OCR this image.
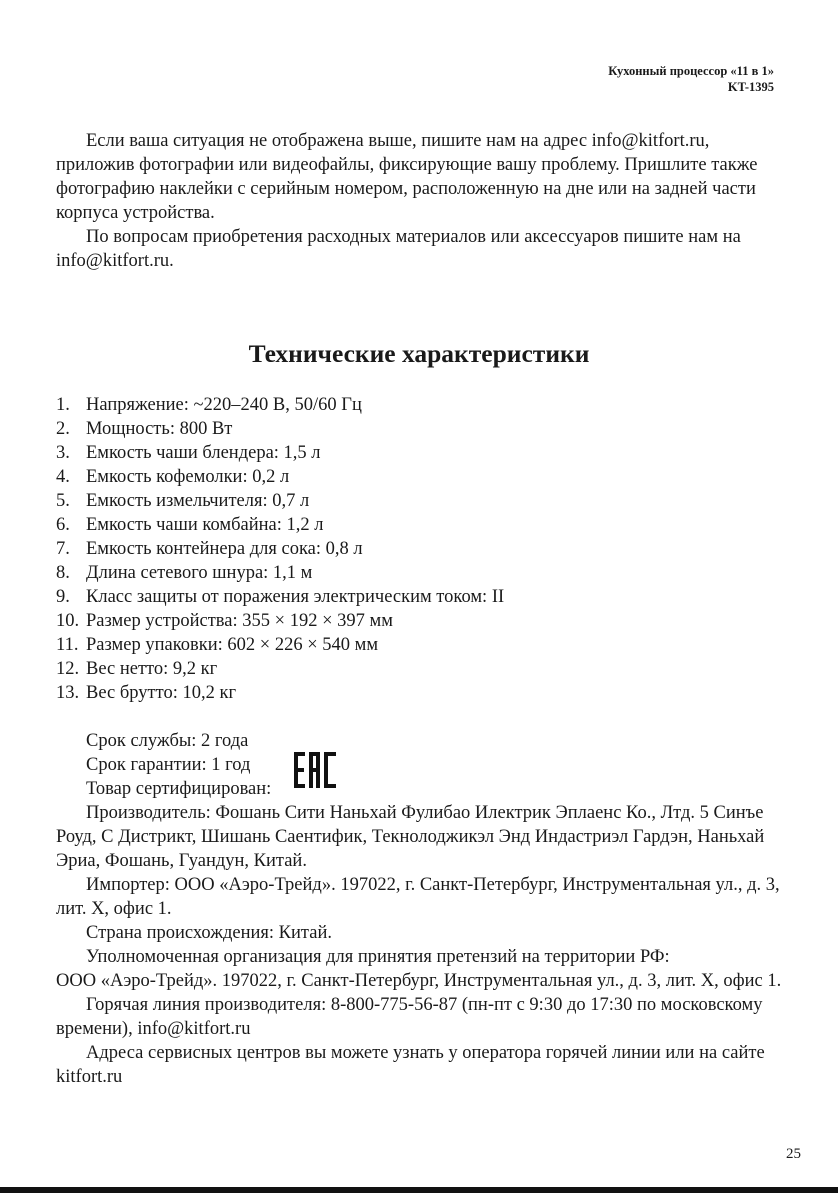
Кухонный процессор «11 в 1»
KT-1395

Если ваша ситуация не отображена выше, пишите нам на адрес info@kitfort.ru, приложив фотографии или видеофайлы, фиксирующие вашу проблему. Пришлите также фотографию наклейки с серийным номером, расположенную на дне или на задней части корпуса устройства.

По вопросам приобретения расходных материалов или аксессуаров пишите нам на info@kitfort.ru.

Технические характеристики
1. Напряжение: ~220–240 В, 50/60 Гц
2. Мощность: 800 Вт
3. Емкость чаши блендера: 1,5 л
4. Емкость кофемолки: 0,2 л
5. Емкость измельчителя: 0,7 л
6. Емкость чаши комбайна: 1,2 л
7. Емкость контейнера для сока: 0,8 л
8. Длина сетевого шнура: 1,1 м
9. Класс защиты от поражения электрическим током: II
10. Размер устройства: 355 × 192 × 397 мм
11. Размер упаковки: 602 × 226 × 540 мм
12. Вес нетто: 9,2 кг
13. Вес брутто: 10,2 кг

Срок службы: 2 года

Срок гарантии: 1 год

Товар сертифицирован:

Производитель: Фошань Сити Наньхай Фулибао Илектрик Эплаенс Ко., Лтд. 5 Синъе Роуд, С Дистрикт, Шишань Саентифик, Текнолоджикэл Энд Индастриэл Гардэн, Наньхай Эриа, Фошань, Гуандун, Китай.

Импортер: ООО «Аэро-Трейд». 197022, г. Санкт-Петербург, Инструментальная ул., д. 3, лит. Х, офис 1.

Страна происхождения: Китай.

Уполномоченная организация для принятия претензий на территории РФ:

ООО «Аэро-Трейд». 197022, г. Санкт-Петербург, Инструментальная ул., д. 3, лит. Х, офис 1.

Горячая линия производителя: 8-800-775-56-87 (пн-пт с 9:30 до 17:30 по московскому времени), info@kitfort.ru

Адреса сервисных центров вы можете узнать у оператора горячей линии или на сайте kitfort.ru

25
